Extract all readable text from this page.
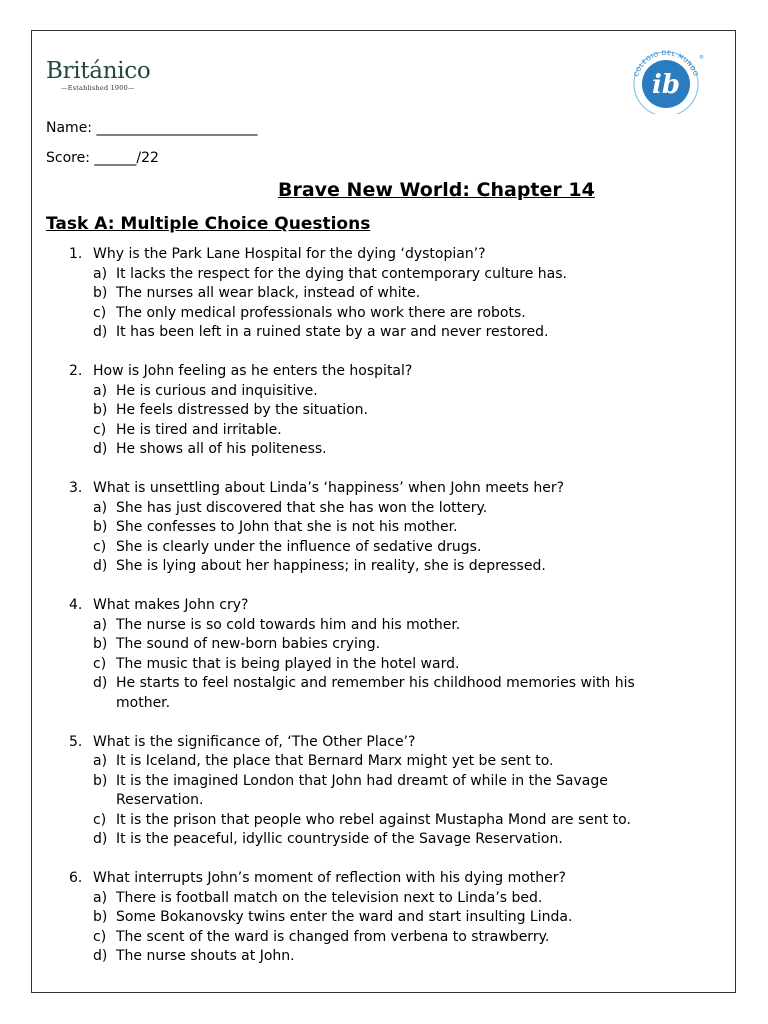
Británico
—Established 1900—	ib
COLEGIO DEL MUNDO
®
Name: _______________________
Score: ______/22
Brave New World: Chapter 14
Task A: Multiple Choice Questions
1. Why is the Park Lane Hospital for the dying ‘dystopian’?
a) It lacks the respect for the dying that contemporary culture has.
b) The nurses all wear black, instead of white.
c) The only medical professionals who work there are robots.
d) It has been left in a ruined state by a war and never restored.
2. How is John feeling as he enters the hospital?
a) He is curious and inquisitive.
b) He feels distressed by the situation.
c) He is tired and irritable.
d) He shows all of his politeness.
3. What is unsettling about Linda’s ‘happiness’ when John meets her?
a) She has just discovered that she has won the lottery.
b) She confesses to John that she is not his mother.
c) She is clearly under the influence of sedative drugs.
d) She is lying about her happiness; in reality, she is depressed.
4. What makes John cry?
a) The nurse is so cold towards him and his mother.
b) The sound of new-born babies crying.
c) The music that is being played in the hotel ward.
d) He starts to feel nostalgic and remember his childhood memories with his
mother.
5. What is the significance of, ‘The Other Place’?
a) It is Iceland, the place that Bernard Marx might yet be sent to.
b) It is the imagined London that John had dreamt of while in the Savage
Reservation.
c) It is the prison that people who rebel against Mustapha Mond are sent to.
d) It is the peaceful, idyllic countryside of the Savage Reservation.
6. What interrupts John’s moment of reflection with his dying mother?
a) There is football match on the television next to Linda’s bed.
b) Some Bokanovsky twins enter the ward and start insulting Linda.
c) The scent of the ward is changed from verbena to strawberry.
d) The nurse shouts at John.
